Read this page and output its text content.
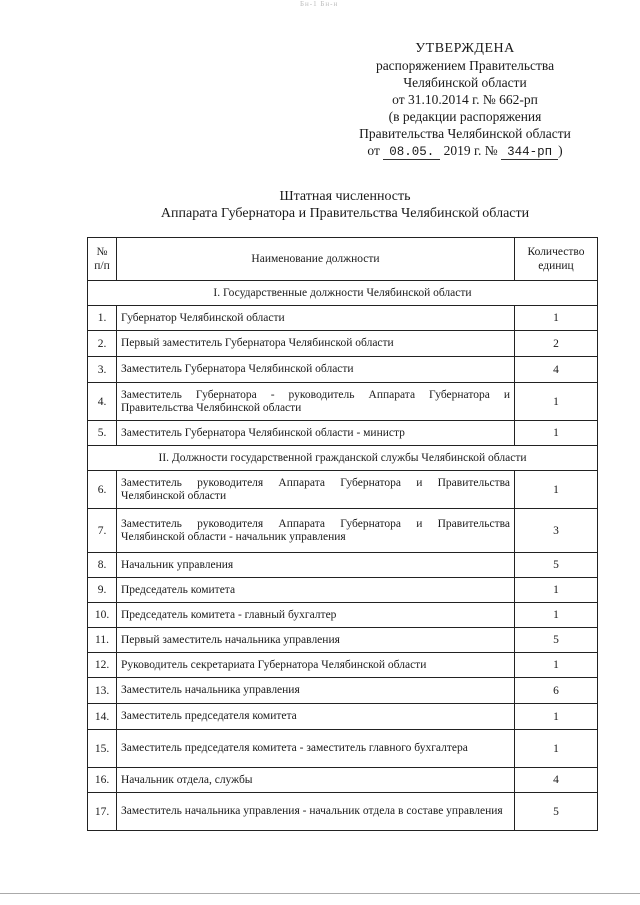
Бн-1 Бн-н
УТВЕРЖДЕНА
распоряжением Правительства
Челябинской области
от 31.10.2014 г. № 662-рп
(в редакции распоряжения
Правительства Челябинской области
от 08.05. 2019 г. № 344-рп )
Штатная численность
Аппарата Губернатора и Правительства Челябинской области
№ п/п	Наименование должности	Количество единиц
I. Государственные должности Челябинской области		
1.	Губернатор Челябинской области	1
2.	Первый заместитель Губернатора Челябинской области	2
3.	Заместитель Губернатора Челябинской области	4
4.	Заместитель Губернатора - руководитель Аппарата Губернатора и Правительства Челябинской области	1
5.	Заместитель Губернатора Челябинской области - министр	1
II. Должности государственной гражданской службы Челябинской области		
6.	Заместитель руководителя Аппарата Губернатора и Правительства Челябинской области	1
7.	Заместитель руководителя Аппарата Губернатора и Правительства Челябинской области - начальник управления	3
8.	Начальник управления	5
9.	Председатель комитета	1
10.	Председатель комитета - главный бухгалтер	1
11.	Первый заместитель начальника управления	5
12.	Руководитель секретариата Губернатора Челябинской области	1
13.	Заместитель начальника управления	6
14.	Заместитель председателя комитета	1
15.	Заместитель председателя комитета - заместитель главного бухгалтера	1
16.	Начальник отдела, службы	4
17.	Заместитель начальника управления - начальник отдела в составе управления	5
